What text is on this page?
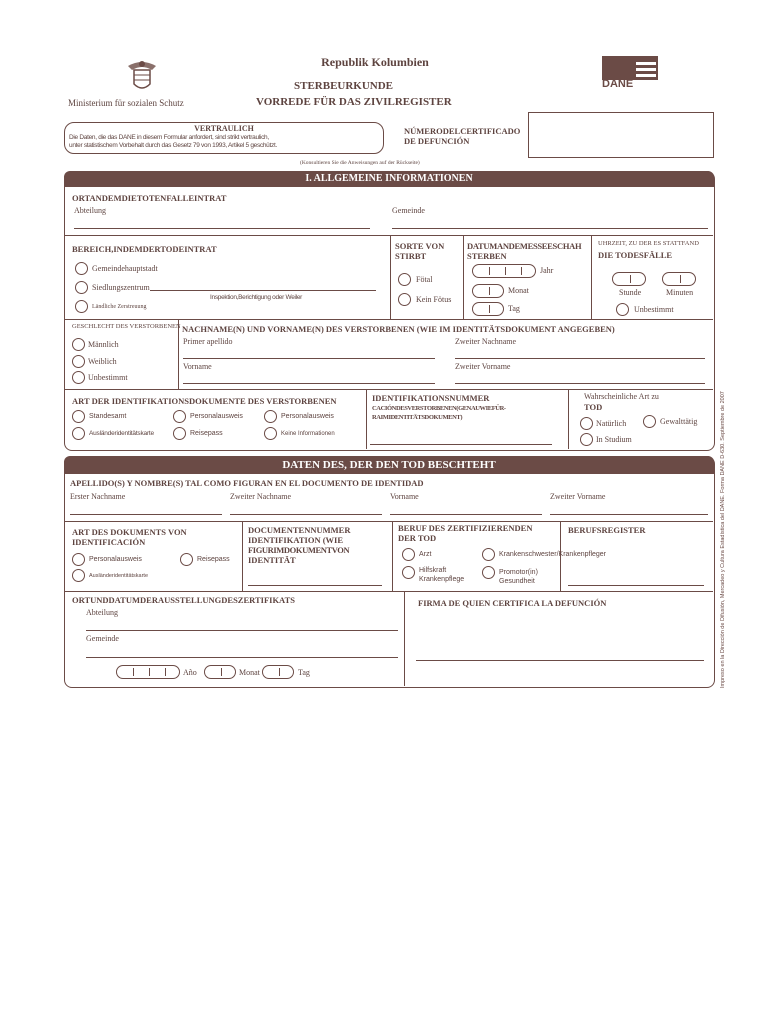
Ministerium für sozialen Schutz
Republik Kolumbien
STERBEURKUNDE
VORREDE FÜR DAS ZIVILREGISTER
DANE
VERTRAULICH
Die Daten, die das DANE in diesem Formular anfordert, sind strikt vertraulich,
unter statistischem Vorbehalt durch das Gesetz 79 von 1993, Artikel 5 geschützt.
NÚMERODELCERTIFICADO
DE DEFUNCIÓN
(Konsultieren Sie die Anweisungen auf der Rückseite)
I. ALLGEMEINE INFORMATIONEN
ORTANDEMDIETOTENFALLEINTRAT
Abteilung	Gemeinde
BEREICH,INDEMDERTODEINTRAT
Gemeindehauptstadt
Siedlungszentrum
Inspektion,Berichtigung oder Weiler
Ländliche Zerstreuung
SORTE VON
STIRBT
Fötal
Kein Fötus
DATUMANDEMESSEESCHAH
STERBEN
Jahr
Monat
Tag
UHRZEIT, ZU DER ES STATTFAND
DIE TODESFÄLLE
Stunde	Minuten
Unbestimmt
GESCHLECHT DES VERSTORBENEN
Männlich
Weiblich
Unbestimmt
NACHNAME(N) UND VORNAME(N) DES VERSTORBENEN (WIE IM IDENTITÄTSDOKUMENT ANGEGEBEN)
Primer apellido	Zweiter Nachname
Vorname	Zweiter Vorname
ART DER IDENTIFIKATIONSDOKUMENTE DES VERSTORBENEN
Standesamt	Personalausweis	Personalausweis
Ausländeridentitätskarte	Reisepass	Keine Informationen
IDENTIFIKATIONSNUMMER
CACIÓNDESVERSTORBENEN(GENAUWIEFÜR-
RAIMIDENTITÄTSDOKUMENT)
Wahrscheinliche Art zu
TOD
Natürlich	Gewalttätig
In Studium
DATEN DES, DER DEN TOD BESCHTEHT
APELLIDO(S) Y NOMBRE(S) TAL COMO FIGURAN EN EL DOCUMENTO DE IDENTIDAD
Erster Nachname	Zweiter Nachname	Vorname	Zweiter Vorname
ART DES DOKUMENTS VON
IDENTIFICACIÓN
Personalausweis	Reisepass
Ausländeridentitätskarte
DOCUMENTENNUMMER
IDENTIFIKATION (WIE
FIGURIMDOKUMENTVON
IDENTITÄT
BERUF DES ZERTIFIZIERENDEN
DER TOD
Arzt	Krankenschwester/Krankenpfleger
Hilfskraft
Krankenpflege
Promotor(in)
Gesundheit
BERUFSREGISTER
ORTUNDDATUMDERAUSSTELLUNGDESZERTIFIKATS
Abteilung
Gemeinde
Año	Monat	Tag
FIRMA DE QUIEN CERTIFICA LA DEFUNCIÓN	Impreso en la Dirección de Difusión, Mercadeo y Cultura Estadística del DANE. Forma DANE D-630. Septiembre de 2007
